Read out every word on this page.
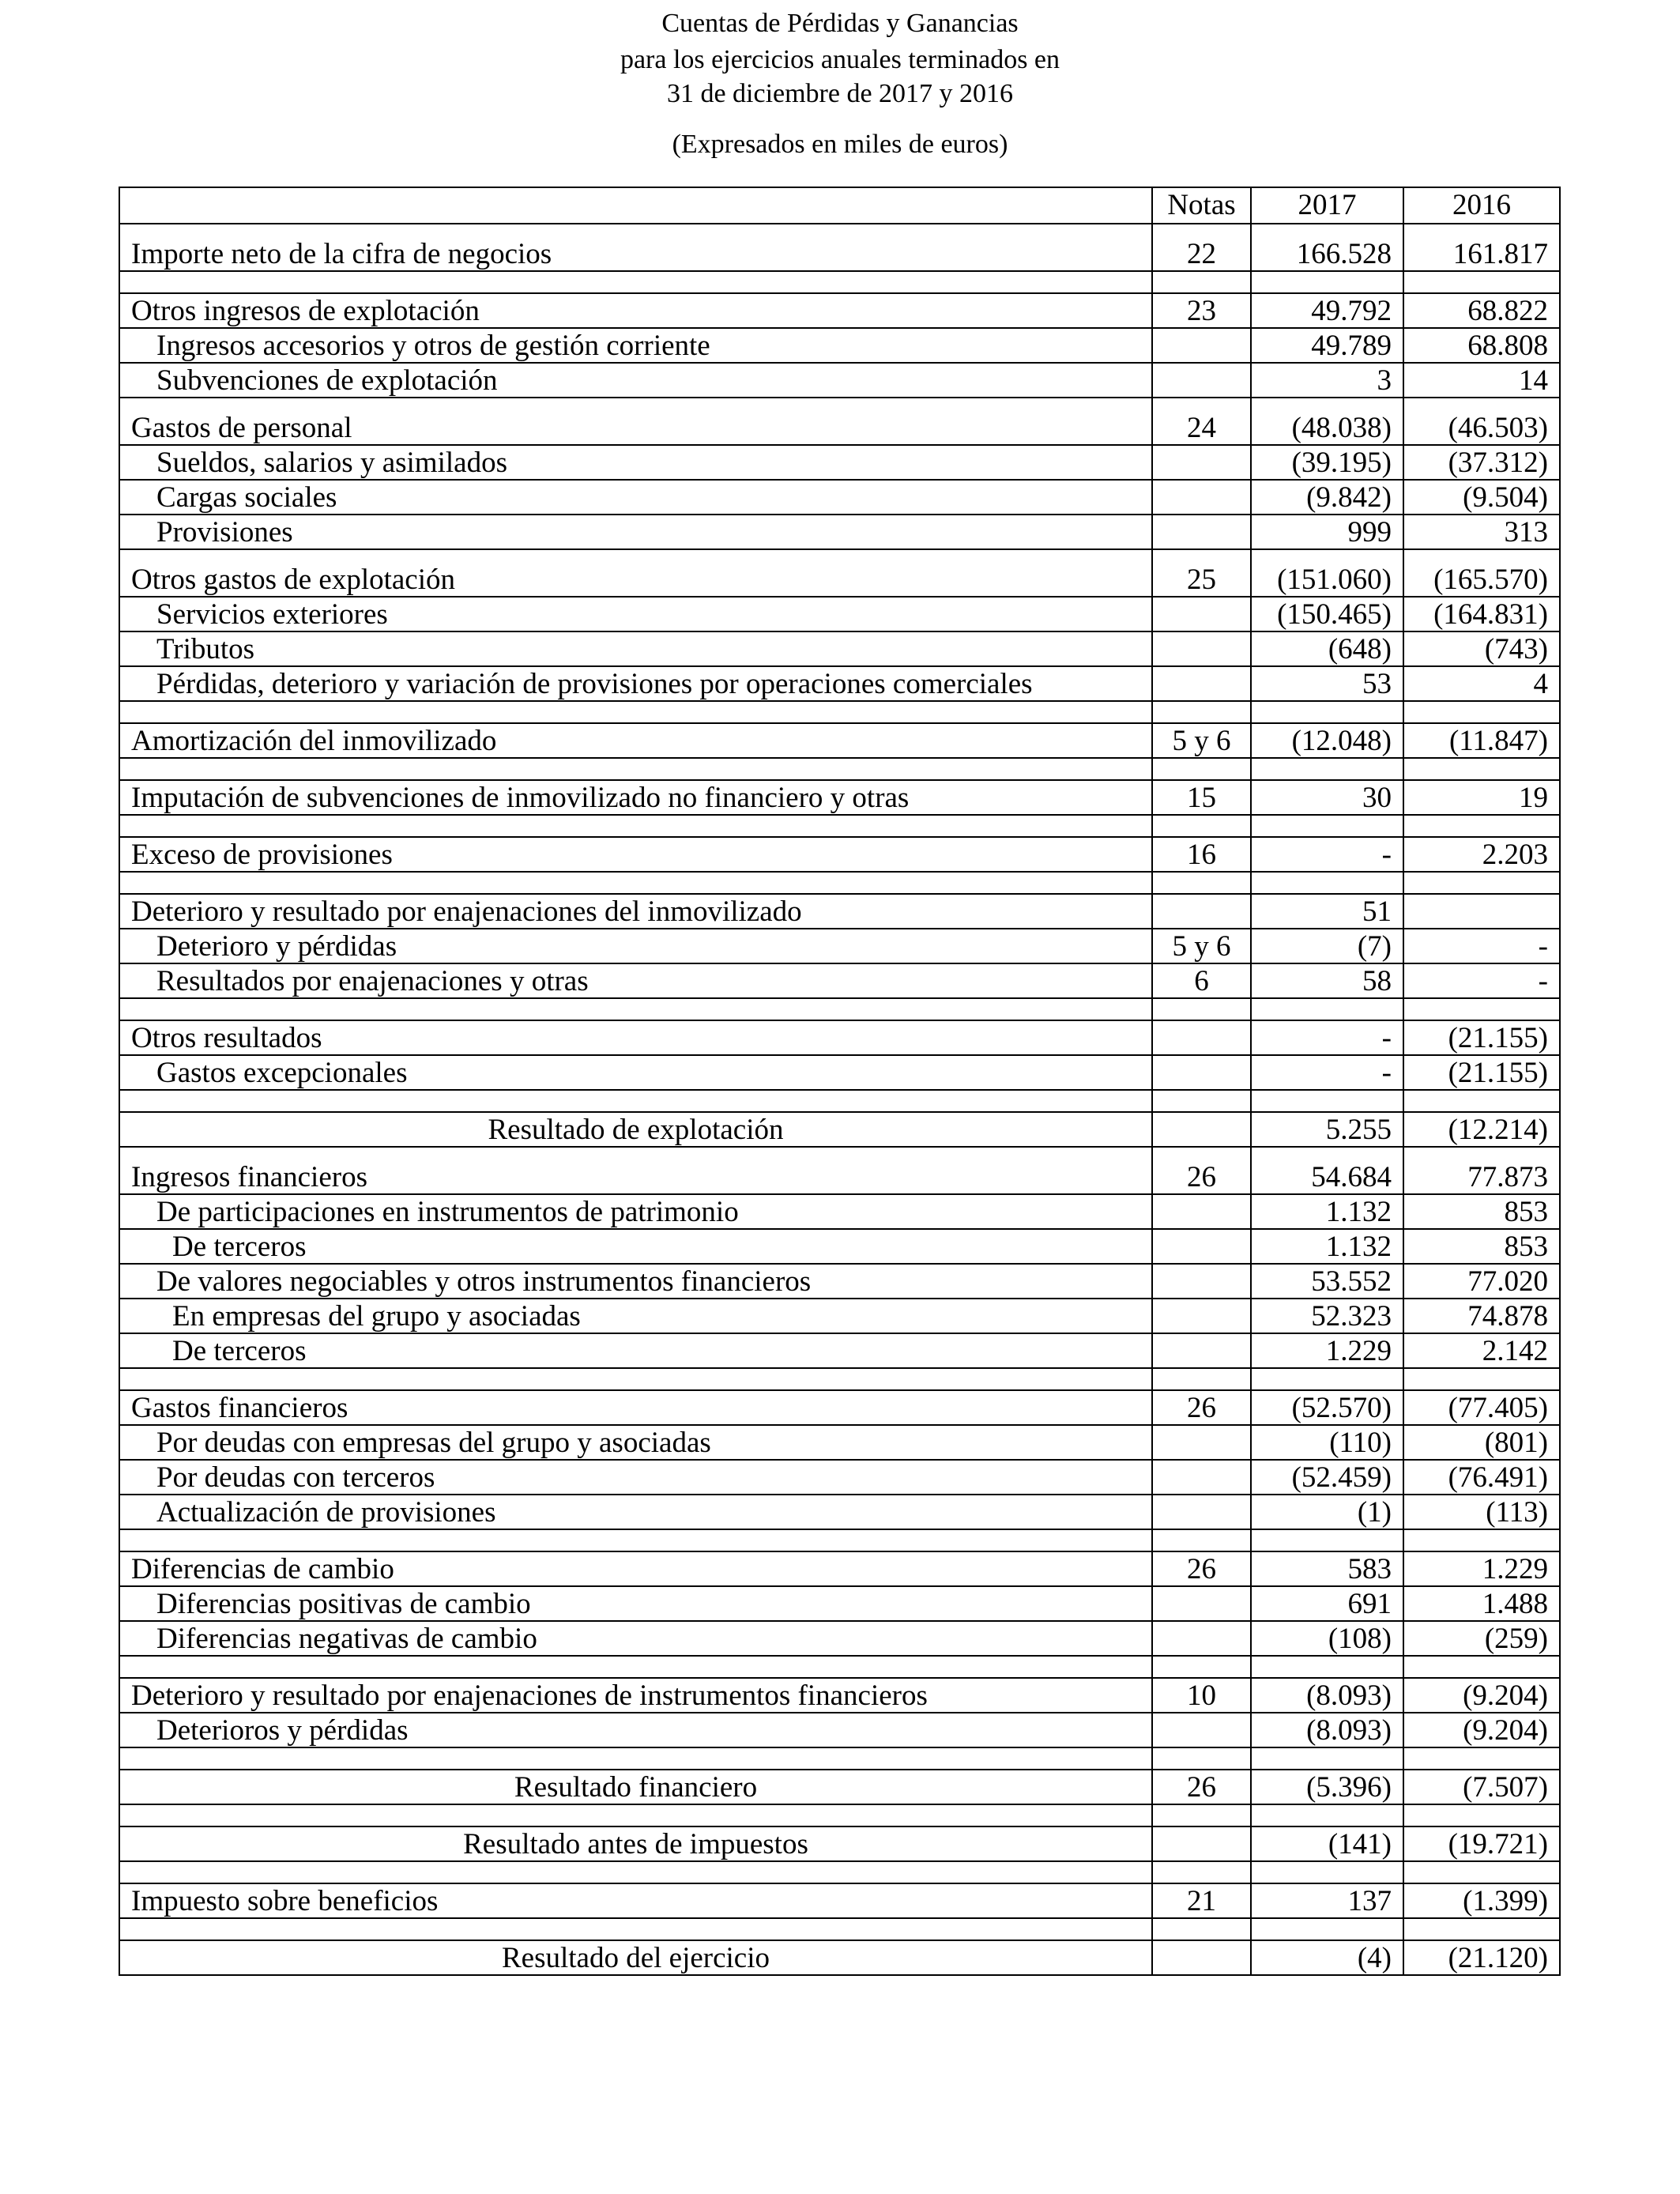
Cuentas de Pérdidas y Ganancias
para los ejercicios anuales terminados en
31 de diciembre de 2017 y 2016
(Expresados en miles de euros)
	Notas	2017	2016
Importe neto de la cifra de negocios	22	166.528	161.817

Otros ingresos de explotación	23	49.792	68.822
Ingresos accesorios y otros de gestión corriente		49.789	68.808
Subvenciones de explotación		3	14
Gastos de personal	24	(48.038)	(46.503)
Sueldos, salarios y asimilados		(39.195)	(37.312)
Cargas sociales		(9.842)	(9.504)
Provisiones		999	313
Otros gastos de explotación	25	(151.060)	(165.570)
Servicios exteriores		(150.465)	(164.831)
Tributos		(648)	(743)
Pérdidas, deterioro y variación de provisiones por operaciones comerciales		53	4

Amortización del inmovilizado	5 y 6	(12.048)	(11.847)

Imputación de subvenciones de inmovilizado no financiero y otras	15	30	19

Exceso de provisiones	16	-	2.203

Deterioro y resultado por enajenaciones del inmovilizado		51	
Deterioro y pérdidas	5 y 6	(7)	-
Resultados por enajenaciones y otras	6	58	-

Otros resultados		-	(21.155)
Gastos excepcionales		-	(21.155)

Resultado de explotación		5.255	(12.214)
Ingresos financieros	26	54.684	77.873
De participaciones en instrumentos de patrimonio		1.132	853
De terceros		1.132	853
De valores negociables y otros instrumentos financieros		53.552	77.020
En empresas del grupo y asociadas		52.323	74.878
De terceros		1.229	2.142

Gastos financieros	26	(52.570)	(77.405)
Por deudas con empresas del grupo y asociadas		(110)	(801)
Por deudas con terceros		(52.459)	(76.491)
Actualización de provisiones		(1)	(113)

Diferencias de cambio	26	583	1.229
Diferencias positivas de cambio		691	1.488
Diferencias negativas de cambio		(108)	(259)

Deterioro y resultado por enajenaciones de instrumentos financieros	10	(8.093)	(9.204)
Deterioros y pérdidas		(8.093)	(9.204)

Resultado financiero	26	(5.396)	(7.507)

Resultado antes de impuestos		(141)	(19.721)

Impuesto sobre beneficios	21	137	(1.399)

Resultado del ejercicio		(4)	(21.120)
